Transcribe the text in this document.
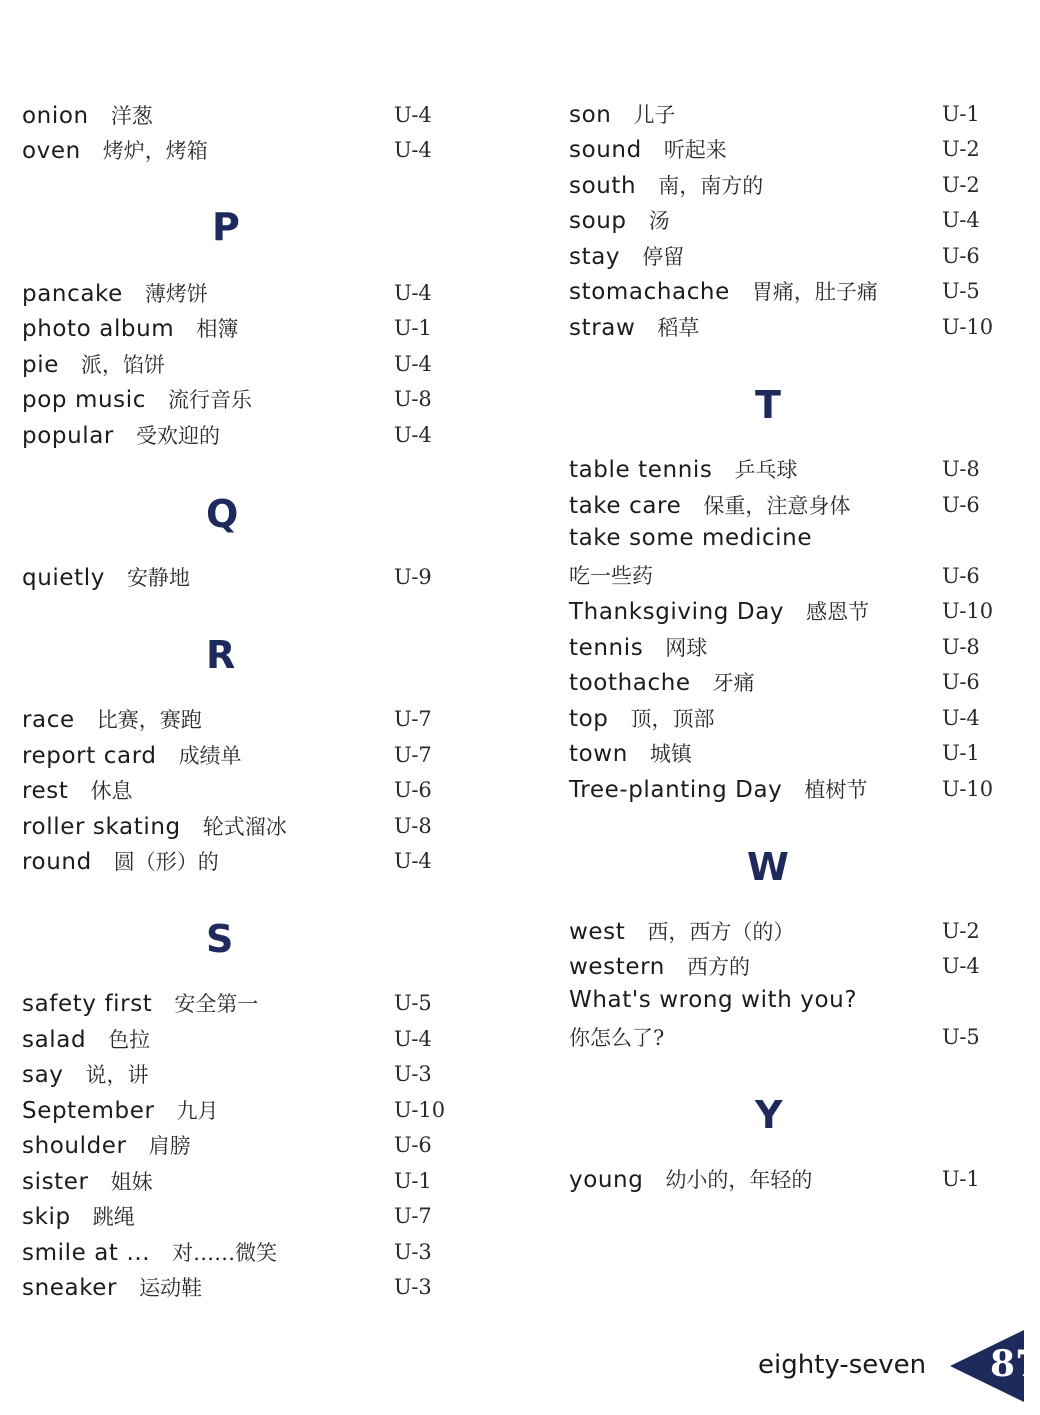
onion 洋葱	U-4
oven 烤炉，烤箱	U-4
P
pancake 薄烤饼	U-4
photo album 相簿	U-1
pie 派，馅饼	U-4
pop music 流行音乐	U-8
popular 受欢迎的	U-4
Q
quietly 安静地	U-9
R
race 比赛，赛跑	U-7
report card 成绩单	U-7
rest 休息	U-6
roller skating 轮式溜冰	U-8
round 圆（形）的	U-4
S
safety first 安全第一	U-5
salad 色拉	U-4
say 说，讲	U-3
September 九月	U-10
shoulder 肩膀	U-6
sister 姐妹	U-1
skip 跳绳	U-7
smile at ... 对……微笑	U-3
sneaker 运动鞋	U-3
son 儿子	U-1
sound 听起来	U-2
south 南，南方的	U-2
soup 汤	U-4
stay 停留	U-6
stomachache 胃痛，肚子痛	U-5
straw 稻草	U-10
T
table tennis 乒乓球	U-8
take care 保重，注意身体	U-6
take some medicine
吃一些药	U-6
Thanksgiving Day 感恩节	U-10
tennis 网球	U-8
toothache 牙痛	U-6
top 顶，顶部	U-4
town 城镇	U-1
Tree-planting Day 植树节	U-10
W
west 西，西方（的）	U-2
western 西方的	U-4
What's wrong with you?
你怎么了?	U-5
Y
young 幼小的，年轻的	U-1
eighty-seven 87
